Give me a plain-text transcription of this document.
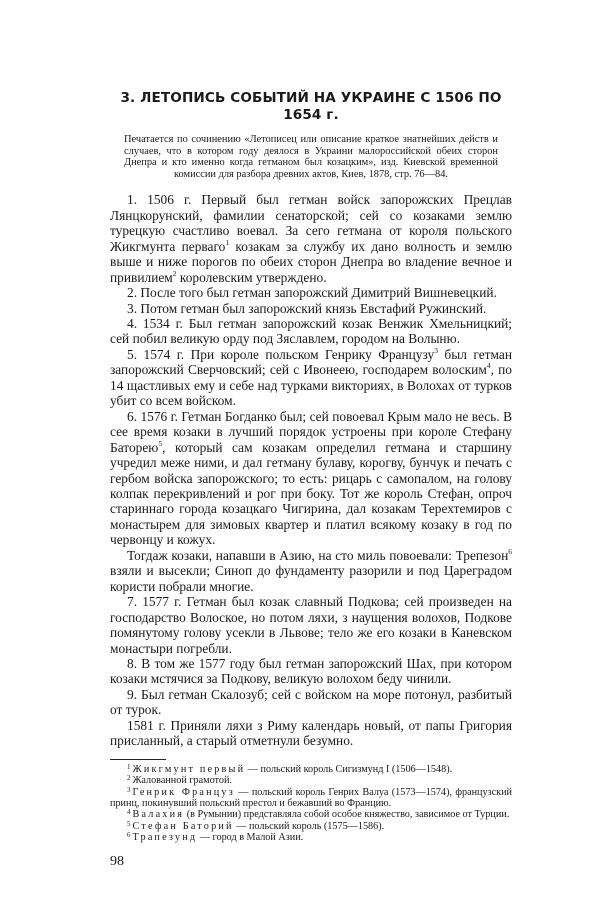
3. ЛЕТОПИСЬ СОБЫТИЙ НА УКРАИНЕ С 1506 ПО 1654 г.
Печатается по сочинению «Летописец или описание краткое знатнейших действ и случаев, что в котором году деялося в Украини малороссийской обеих сторон Днепра и кто именно когда гетманом был козацким», изд. Киевской временной комиссии для разбора древних актов, Киев, 1878, стр. 76—84.

1. 1506 г. Первый был гетман войск запорожских Прецлав Лянцкорунский, фамилии сенаторской; сей со козаками землю турецкую счастливо воевал. За сего гетмана от короля польского Жикгмунта перваго$^1$ козакам за службу их дано волность и землю выше и ниже порогов по обеих сторон Днепра во владение вечное и привилием$^2$ королевским утверждено.

2. После того был гетман запорожский Димитрий Вишневецкий.

3. Потом гетман был запорожский князь Евстафий Ружинский.

4. 1534 г. Был гетман запорожский козак Венжик Хмельницкий; сей побил великую орду под Зяславлем, городом на Волыню.

5. 1574 г. При короле польском Генрику Французу$^3$ был гетман запорожский Сверчовский; сей с Ивонеею, господарем волоским$^4$, по 14 щастливых ему и себе над турками викториях, в Волохах от турков убит со всем войском.

6. 1576 г. Гетман Богданко был; сей повоевал Крым мало не весь. В сее время козаки в лучший порядок устроены при короле Стефану Баторею$^5$, который сам козакам определил гетмана и старшину учредил меже ними, и дал гетману булаву, корогву, бунчук и печать с гербом войска запорожского; то есть: рицарь с самопалом, на голову колпак перекривлений и рог при боку. Тот же король Стефан, опроч стариннаго города козацкаго Чигирина, дал козакам Терехтемиров с монастырем для зимовых квартер и платил всякому козаку в год по червонцу и кожух.

Тогдаж козаки, напавши в Азию, на сто миль повоевали: Трепезон$^6$ взяли и высекли; Синоп до фундаменту разорили и под Цареградом користи побрали многие.

7. 1577 г. Гетман был козак славный Подкова; сей произведен на господарство Волоское, но потом ляхи, з наущения волохов, Подкове помянутому голову усекли в Львове; тело же его козаки в Каневском монастыри погребли.

8. В том же 1577 году был гетман запорожский Шах, при котором козаки мстячися за Подкову, великую волохом беду чинили.

9. Был гетман Скалозуб; сей с войском на море потонул, разбитый от турок.

1581 г. Приняли ляхи з Риму календарь новый, от папы Григория присланный, а старый отметнули безумно.

$^1$ Жикгмунт первый — польский король Сигизмунд I (1506—1548).

$^2$ Жалованной грамотой.

$^3$ Генрик Француз — польский король Генрих Валуа (1573—1574), французский принц, покинувший польский престол и бежавший во Францию.

$^4$ Валахия (в Румынии) представляла собой особое княжество, зависимое от Турции.

$^5$ Стефан Баторий — польский король (1575—1586).

$^6$ Трапезунд — город в Малой Азии.

98
